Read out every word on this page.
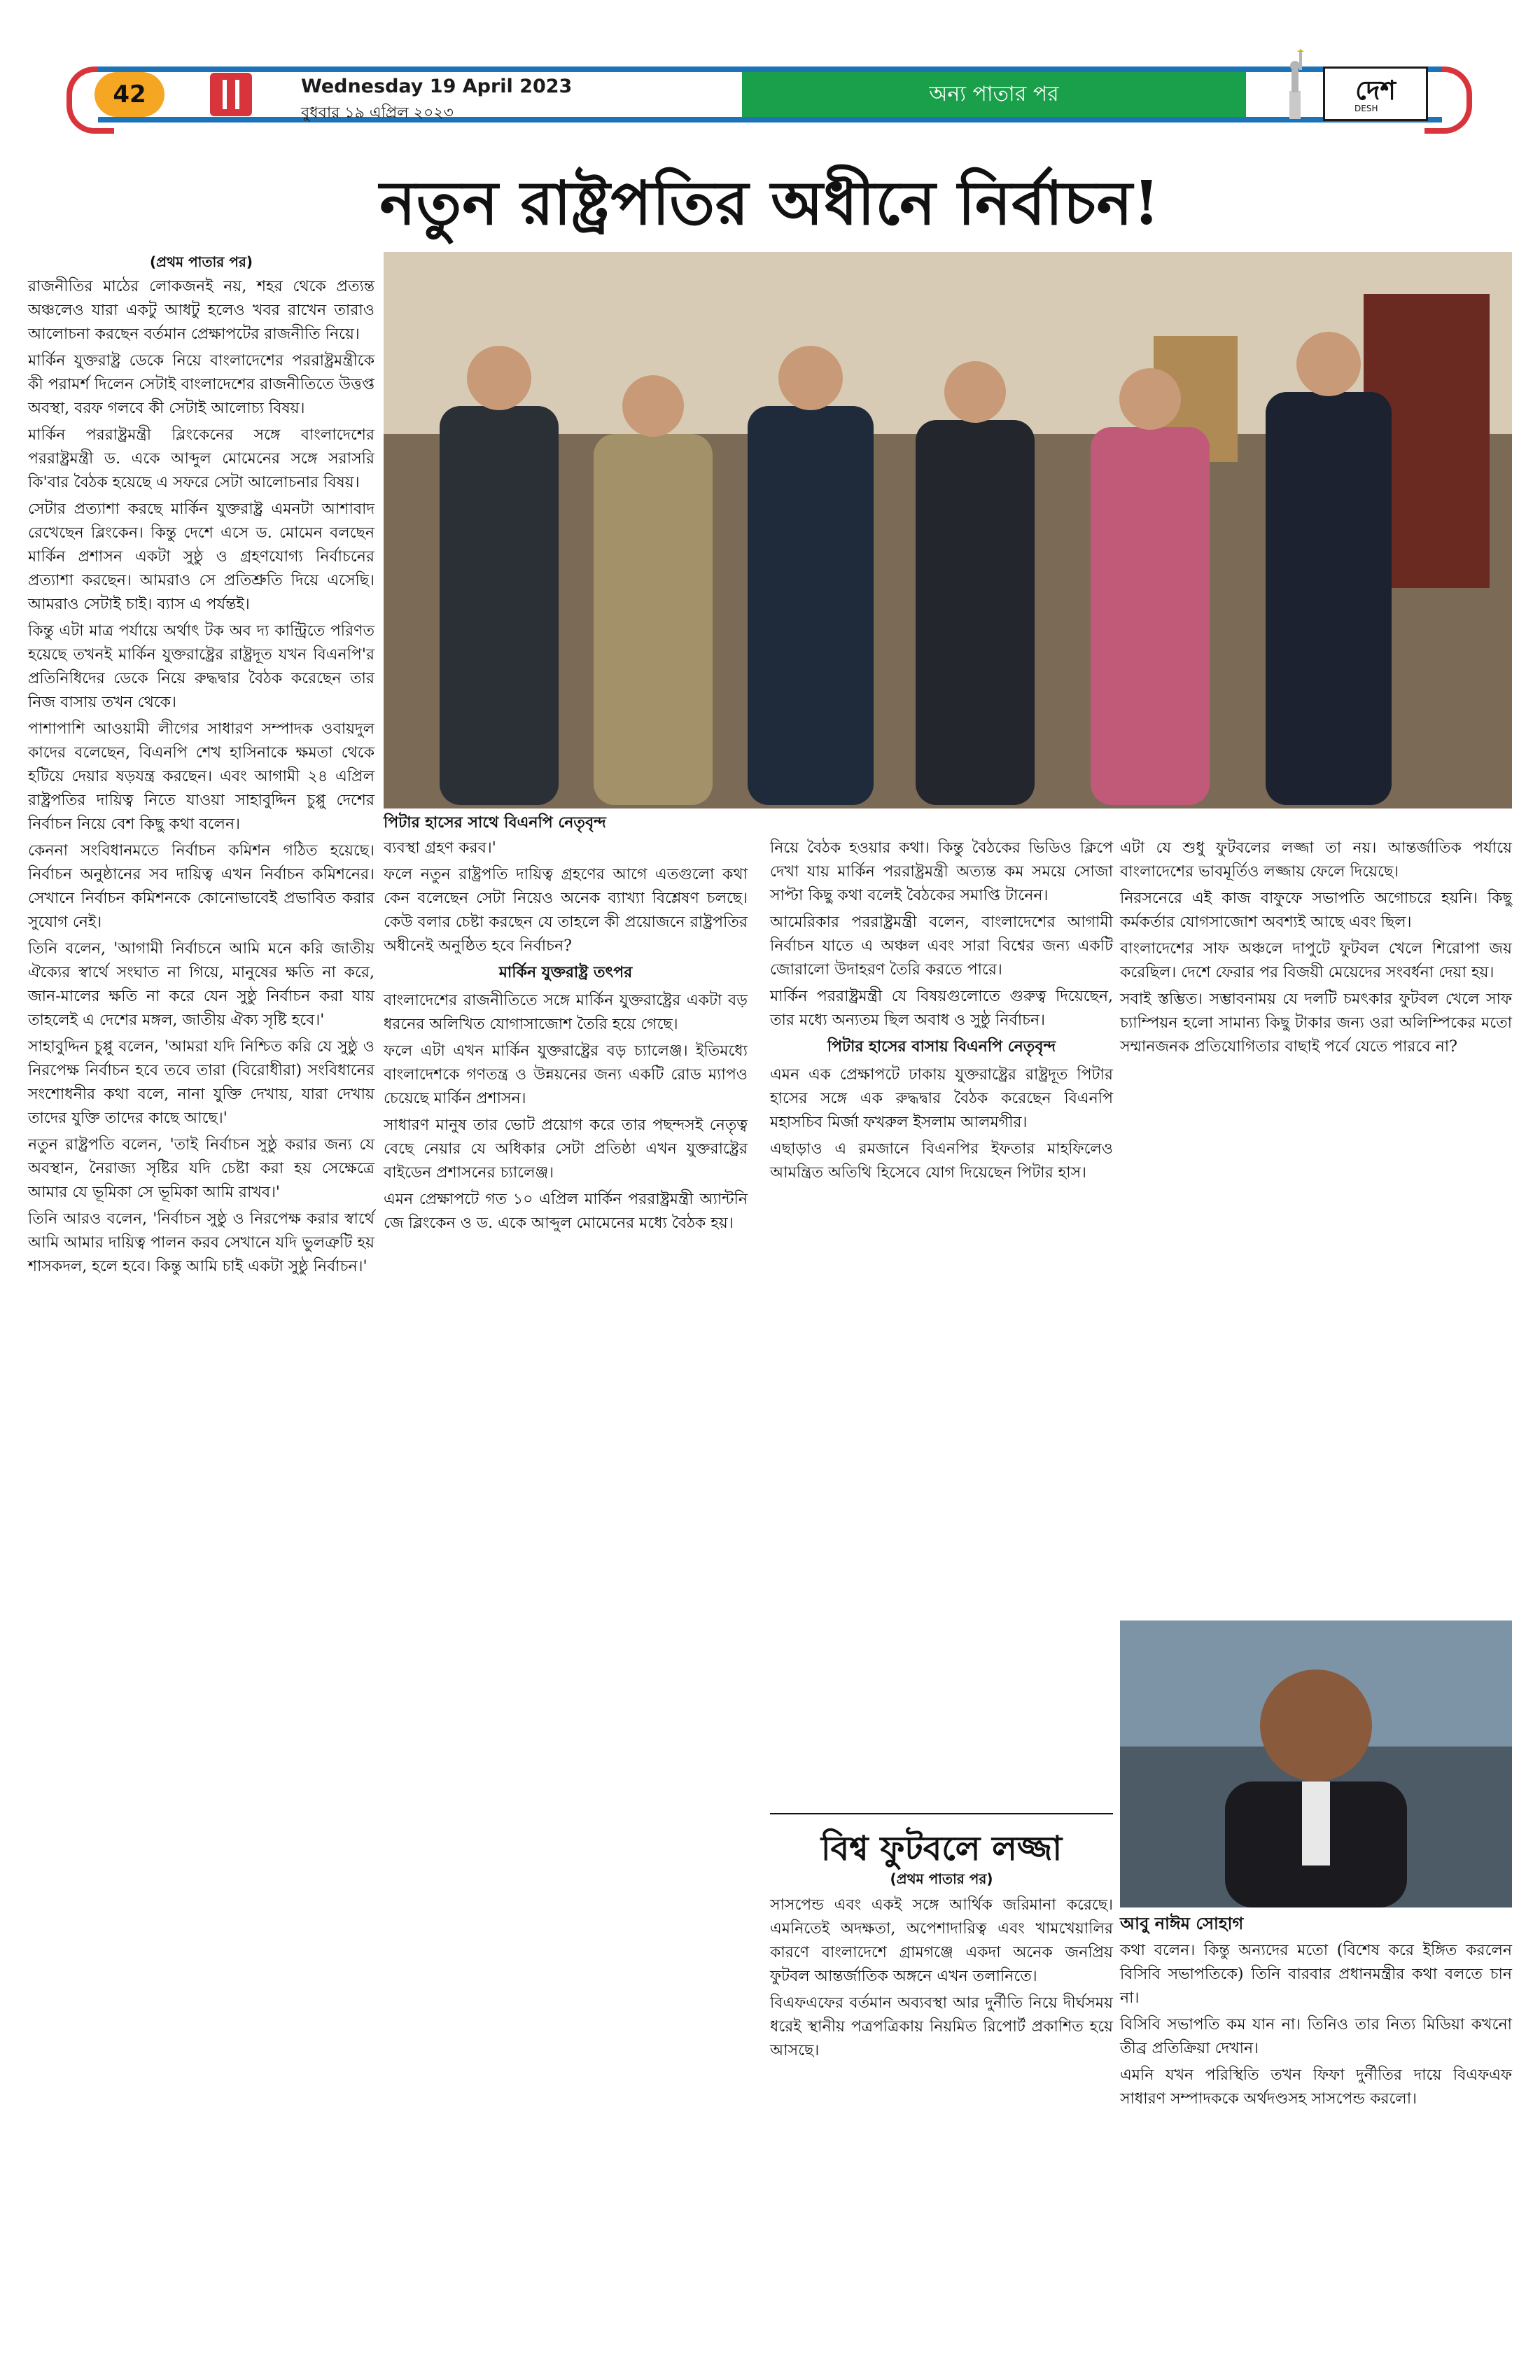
42	Wednesday 19 April 2023
বুধবার ১৯ এপ্রিল ২০২৩
অন্য পাতার পর	দেশ
DESH
নতুন রাষ্ট্রপতির অধীনে নির্বাচন!
(প্রথম পাতার পর)

রাজনীতির মাঠের লোকজনই নয়, শহর থেকে প্রত্যন্ত অঞ্চলেও যারা একটু আধটু হলেও খবর রাখেন তারাও আলোচনা করছেন বর্তমান প্রেক্ষাপটের রাজনীতি নিয়ে।

মার্কিন যুক্তরাষ্ট্র ডেকে নিয়ে বাংলাদেশের পররাষ্ট্রমন্ত্রীকে কী পরামর্শ দিলেন সেটাই বাংলাদেশের রাজনীতিতে উত্তপ্ত অবস্থা, বরফ গলবে কী সেটাই আলোচ্য বিষয়।

মার্কিন পররাষ্ট্রমন্ত্রী ব্লিংকেনের সঙ্গে বাংলাদেশের পররাষ্ট্রমন্ত্রী ড. একে আব্দুল মোমেনের সঙ্গে সরাসরি কি'বার বৈঠক হয়েছে এ সফরে সেটা আলোচনার বিষয়।

সেটার প্রত্যাশা করছে মার্কিন যুক্তরাষ্ট্র এমনটা আশাবাদ রেখেছেন ব্লিংকেন। কিন্তু দেশে এসে ড. মোমেন বলছেন মার্কিন প্রশাসন একটা সুষ্ঠু ও গ্রহণযোগ্য নির্বাচনের প্রত্যাশা করছেন। আমরাও সে প্রতিশ্রুতি দিয়ে এসেছি। আমরাও সেটাই চাই। ব্যাস এ পর্যন্তই।

কিন্তু এটা মাত্র পর্যায়ে অর্থাৎ টক অব দ্য কান্ট্রিতে পরিণত হয়েছে তখনই মার্কিন যুক্তরাষ্ট্রের রাষ্ট্রদূত যখন বিএনপি'র প্রতিনিধিদের ডেকে নিয়ে রুদ্ধদ্বার বৈঠক করেছেন তার নিজ বাসায় তখন থেকে।

পাশাপাশি আওয়ামী লীগের সাধারণ সম্পাদক ওবায়দুল কাদের বলেছেন, বিএনপি শেখ হাসিনাকে ক্ষমতা থেকে হটিয়ে দেয়ার ষড়যন্ত্র করছেন। এবং আগামী ২৪ এপ্রিল রাষ্ট্রপতির দায়িত্ব নিতে যাওয়া সাহাবুদ্দিন চুপ্পু দেশের নির্বাচন নিয়ে বেশ কিছু কথা বলেন।

কেননা সংবিধানমতে নির্বাচন কমিশন গঠিত হয়েছে। নির্বাচন অনুষ্ঠানের সব দায়িত্ব এখন নির্বাচন কমিশনের। সেখানে নির্বাচন কমিশনকে কোনোভাবেই প্রভাবিত করার সুযোগ নেই।

তিনি বলেন, 'আগামী নির্বাচনে আমি মনে করি জাতীয় ঐক্যের স্বার্থে সংঘাত না গিয়ে, মানুষের ক্ষতি না করে, জান-মালের ক্ষতি না করে যেন সুষ্ঠু নির্বাচন করা যায় তাহলেই এ দেশের মঙ্গল, জাতীয় ঐক্য সৃষ্টি হবে।'

সাহাবুদ্দিন চুপ্পু বলেন, 'আমরা যদি নিশ্চিত করি যে সুষ্ঠু ও নিরপেক্ষ নির্বাচন হবে তবে তারা (বিরোধীরা) সংবিধানের সংশোধনীর কথা বলে, নানা যুক্তি দেখায়, যারা দেখায় তাদের যুক্তি তাদের কাছে আছে।'

নতুন রাষ্ট্রপতি বলেন, 'তাই নির্বাচন সুষ্ঠু করার জন্য যে অবস্থান, নৈরাজ্য সৃষ্টির যদি চেষ্টা করা হয় সেক্ষেত্রে আমার যে ভূমিকা সে ভূমিকা আমি রাখব।'

তিনি আরও বলেন, 'নির্বাচন সুষ্ঠু ও নিরপেক্ষ করার স্বার্থে আমি আমার দায়িত্ব পালন করব সেখানে যদি ভুলত্রুটি হয় শাসকদল, হলে হবে। কিন্তু আমি চাই একটা সুষ্ঠু নির্বাচন।'

পিটার হাসের সাথে বিএনপি নেতৃবৃন্দ

ব্যবস্থা গ্রহণ করব।'

ফলে নতুন রাষ্ট্রপতি দায়িত্ব গ্রহণের আগে এতগুলো কথা কেন বলেছেন সেটা নিয়েও অনেক ব্যাখ্যা বিশ্লেষণ চলছে। কেউ বলার চেষ্টা করছেন যে তাহলে কী প্রয়োজনে রাষ্ট্রপতির অধীনেই অনুষ্ঠিত হবে নির্বাচন?

মার্কিন যুক্তরাষ্ট্র তৎপর

বাংলাদেশের রাজনীতিতে সঙ্গে মার্কিন যুক্তরাষ্ট্রের একটা বড় ধরনের অলিখিত যোগাসাজোশ তৈরি হয়ে গেছে।

ফলে এটা এখন মার্কিন যুক্তরাষ্ট্রের বড় চ্যালেঞ্জ। ইতিমধ্যে বাংলাদেশকে গণতন্ত্র ও উন্নয়নের জন্য একটি রোড ম্যাপও চেয়েছে মার্কিন প্রশাসন।

সাধারণ মানুষ তার ভোট প্রয়োগ করে তার পছন্দসই নেতৃত্ব বেছে নেয়ার যে অধিকার সেটা প্রতিষ্ঠা এখন যুক্তরাষ্ট্রের বাইডেন প্রশাসনের চ্যালেঞ্জ।

এমন প্রেক্ষাপটে গত ১০ এপ্রিল মার্কিন পররাষ্ট্রমন্ত্রী অ্যান্টনি জে ব্লিংকেন ও ড. একে আব্দুল মোমেনের মধ্যে বৈঠক হয়।

নিয়ে বৈঠক হওয়ার কথা। কিন্তু বৈঠকের ভিডিও ক্লিপে দেখা যায় মার্কিন পররাষ্ট্রমন্ত্রী অত্যন্ত কম সময়ে সোজা সাপ্টা কিছু কথা বলেই বৈঠকের সমাপ্তি টানেন।

আমেরিকার পররাষ্ট্রমন্ত্রী বলেন, বাংলাদেশের আগামী নির্বাচন যাতে এ অঞ্চল এবং সারা বিশ্বের জন্য একটি জোরালো উদাহরণ তৈরি করতে পারে।

মার্কিন পররাষ্ট্রমন্ত্রী যে বিষয়গুলোতে গুরুত্ব দিয়েছেন, তার মধ্যে অন্যতম ছিল অবাধ ও সুষ্ঠু নির্বাচন।

পিটার হাসের বাসায় বিএনপি নেতৃবৃন্দ

এমন এক প্রেক্ষাপটে ঢাকায় যুক্তরাষ্ট্রের রাষ্ট্রদূত পিটার হাসের সঙ্গে এক রুদ্ধদ্বার বৈঠক করেছেন বিএনপি মহাসচিব মির্জা ফখরুল ইসলাম আলমগীর।

এছাড়াও এ রমজানে বিএনপির ইফতার মাহফিলেও আমন্ত্রিত অতিথি হিসেবে যোগ দিয়েছেন পিটার হাস।

এটা যে শুধু ফুটবলের লজ্জা তা নয়। আন্তর্জাতিক পর্যায়ে বাংলাদেশের ভাবমূর্তিও লজ্জায় ফেলে দিয়েছে।

নিরসনেরে এই কাজ বাফুফে সভাপতি অগোচরে হয়নি। কিছু কর্মকর্তার যোগসাজোশ অবশ্যই আছে এবং ছিল।

বাংলাদেশের সাফ অঞ্চলে দাপুটে ফুটবল খেলে শিরোপা জয় করেছিল। দেশে ফেরার পর বিজয়ী মেয়েদের সংবর্ধনা দেয়া হয়।

সবাই স্তম্ভিত। সম্ভাবনাময় যে দলটি চমৎকার ফুটবল খেলে সাফ চ্যাম্পিয়ন হলো সামান্য কিছু টাকার জন্য ওরা অলিম্পিকের মতো সম্মানজনক প্রতিযোগিতার বাছাই পর্বে যেতে পারবে না?

আবু নাঈম সোহাগ

কথা বলেন। কিন্তু অন্যদের মতো (বিশেষ করে ইঙ্গিত করলেন বিসিবি সভাপতিকে) তিনি বারবার প্রধানমন্ত্রীর কথা বলতে চান না।

বিসিবি সভাপতি কম যান না। তিনিও তার নিত্য মিডিয়া কখনো তীব্র প্রতিক্রিয়া দেখান।

এমনি যখন পরিস্থিতি তখন ফিফা দুর্নীতির দায়ে বিএফএফ সাধারণ সম্পাদককে অর্থদণ্ডসহ সাসপেন্ড করলো।

বিশ্ব ফুটবলে লজ্জা
(প্রথম পাতার পর)

সাসপেন্ড এবং একই সঙ্গে আর্থিক জরিমানা করেছে। এমনিতেই অদক্ষতা, অপেশাদারিত্ব এবং খামখেয়ালির কারণে বাংলাদেশে গ্রামগঞ্জে একদা অনেক জনপ্রিয় ফুটবল আন্তর্জাতিক অঙ্গনে এখন তলানিতে।

বিএফএফের বর্তমান অব্যবস্থা আর দুর্নীতি নিয়ে দীর্ঘসময় ধরেই স্থানীয় পত্রপত্রিকায় নিয়মিত রিপোর্ট প্রকাশিত হয়ে আসছে।
